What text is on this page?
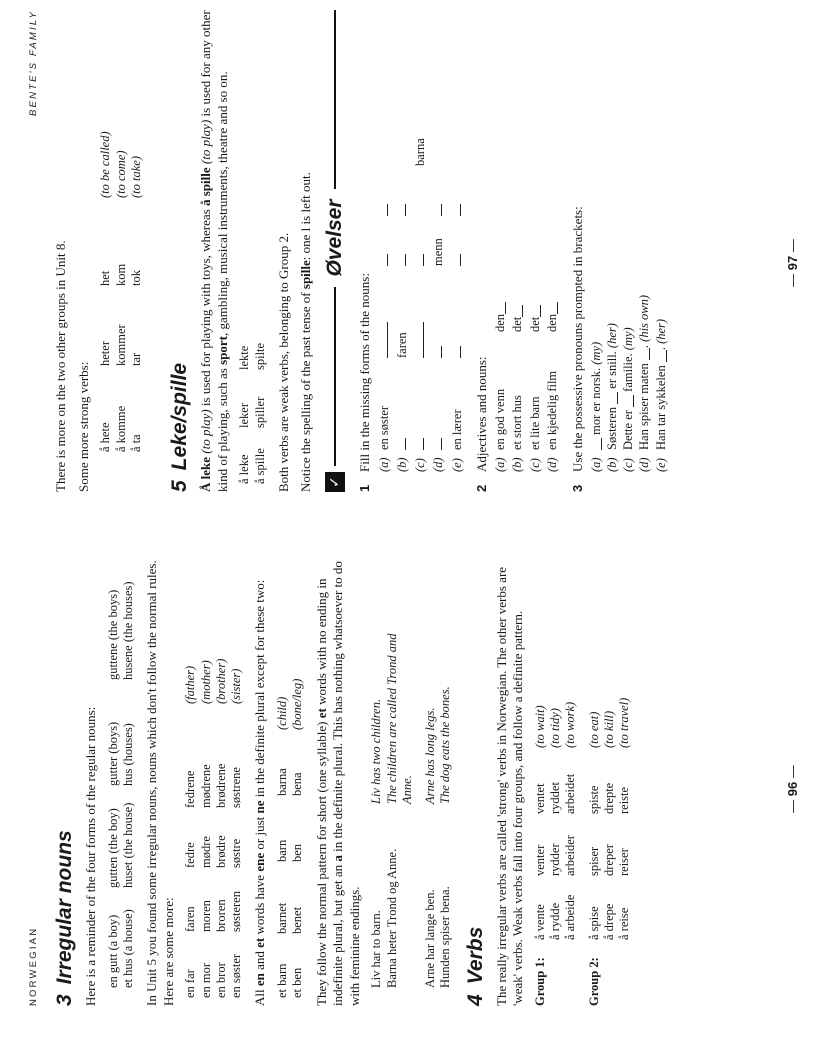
NORWEGIAN 3Irregular nouns Here is a reminder of the four forms of the regular nouns: en gutt (a boy)
gutten (the boy)
gutter (boys)
guttene (the boys)
et hus (a house)
huset (the house)
hus (houses)
husene (the houses) In Unit 5 you found some irregular nouns, nouns which don't follow the normal rules. Here are some more: en far
faren
fedre
fedrene
(father)
en mor
moren
mødre
mødrene
(mother)
en bror
broren
brødre
brødrene
(brother)
en søster
søsteren
søstre
søstrene
(sister)

All en and et words have ene or just ne in the definite plural except for these two:

et barn
barnet
barn
barna
(child)
et ben
benet
ben
bena
(bone/leg)

They follow the normal pattern for short (one syllable) et words with no ending in indefinite plural, but get an a in the definite plural. This has nothing whatsoever to do with feminine endings. Liv har to barn.
Liv has two children.
Barna heter Trond og Anne.
The children are called Trond and Anne.
Arne har lange ben.
Arne has long legs.
Hunden spiser bena.
The dog eats the bones.
4Verbs The really irregular verbs are called 'strong' verbs in Norwegian. The other verbs are 'weak' verbs. Weak verbs fall into four groups, and follow a definite pattern. Group 1:
å vente
venter
ventet
(to wait)
å rydde
rydder
ryddet
(to tidy)
å arbeide
arbeider
arbeidet
(to work)
Group 2:
å spise
spiser
spiste
(to eat)
å drepe
dreper
drepte
(to kill)
å reise
reiser
reiste
(to travel)
— 96 —
BENTE'S FAMILY

There is more on the two other groups in Unit 8. Some more strong verbs: å hete
heter
het
(to be called)
å komme
kommer
kom
(to come)
å ta
tar
tok
(to take)
5Leke/spille

Å leke (to play) is used for playing with toys, whereas å spille (to play) is used for any other kind of playing, such as sport, gambling, musical instruments, theatre and so on.

å leke
leker
lekte
å spille
spiller
spilte Both verbs are weak verbs, belonging to Group 2. Notice the spelling of the past tense of spille: one l is left out.

✓
Øvelser
1
Fill in the missing forms of the nouns: (a)
en søster
(b)
faren
(c)
barna
(d)
menn
(e)
en lærer
2
Adjectives and nouns: (a)
en god venn
den
(b)
et stort hus
det
(c)
et lite barn
det
(d)
en kjedelig film
den
3
Use the possessive pronouns prompted in brackets: (a)
mor er norsk. (my)
(b)
Søsteren  er snill. (her)
(c)
Dette er  familie. (my)
(d)
Han spiser maten . (his own)
(e)
Han tar sykkelen . (her)
— 97 —
